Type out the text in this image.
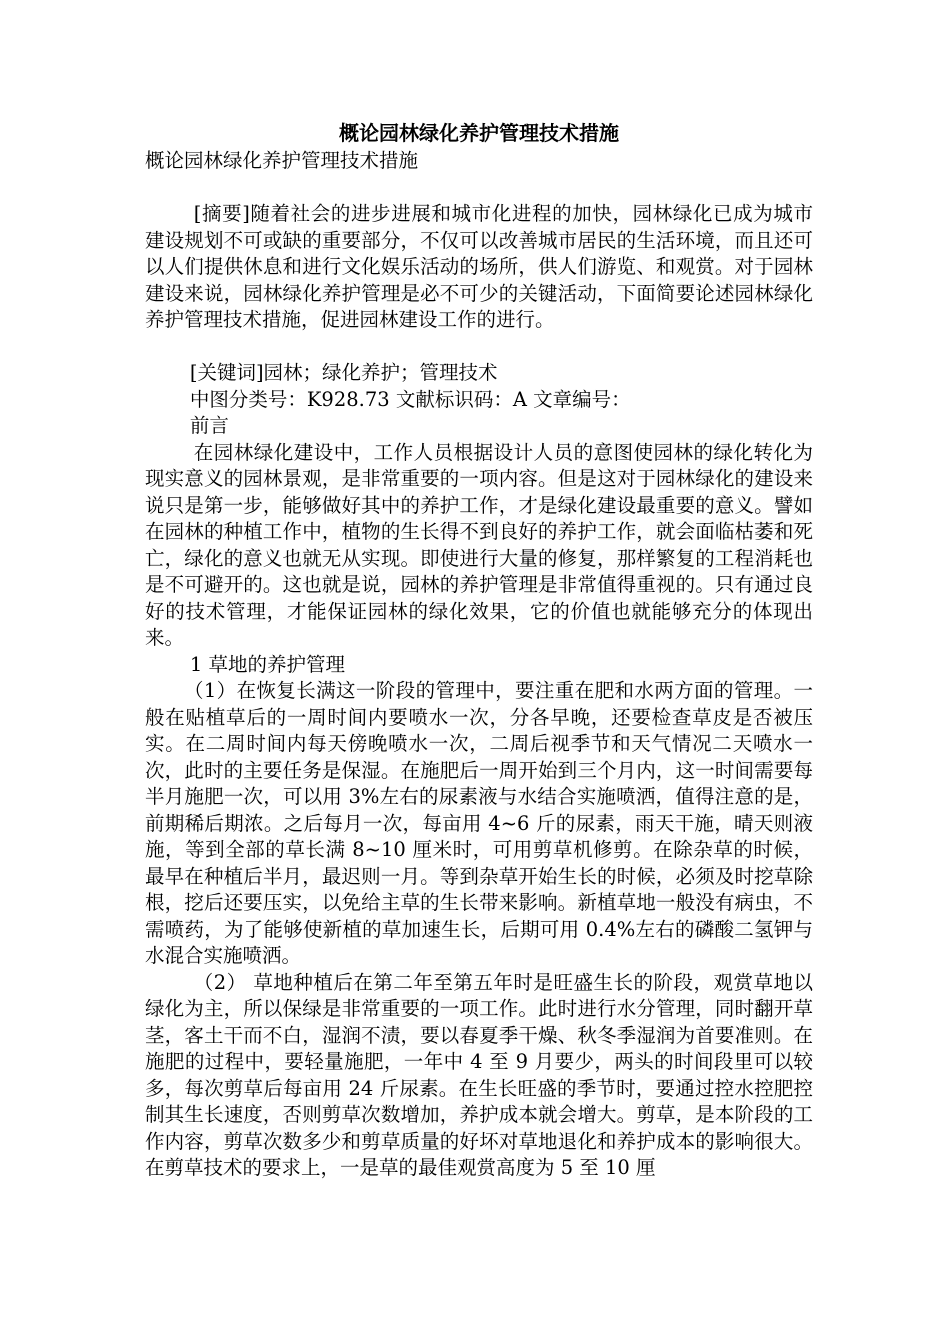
概论园林绿化养护管理技术措施
概论园林绿化养护管理技术措施

[摘要]随着社会的进步进展和城市化进程的加快，园林绿化已成为城市建设规划不可或缺的重要部分，不仅可以改善城市居民的生活环境，而且还可以人们提供休息和进行文化娱乐活动的场所，供人们游览、和观赏。对于园林建设来说，园林绿化养护管理是必不可少的关键活动，下面简要论述园林绿化养护管理技术措施，促进园林建设工作的进行。

[关键词]园林；绿化养护；管理技术
中图分类号：K928.73 文献标识码：A 文章编号：
前言

在园林绿化建设中，工作人员根据设计人员的意图使园林的绿化转化为现实意义的园林景观，是非常重要的一项内容。但是这对于园林绿化的建设来说只是第一步，能够做好其中的养护工作，才是绿化建设最重要的意义。譬如在园林的种植工作中，植物的生长得不到良好的养护工作，就会面临枯萎和死亡，绿化的意义也就无从实现。即使进行大量的修复，那样繁复的工程消耗也是不可避开的。这也就是说，园林的养护管理是非常值得重视的。只有通过良好的技术管理，才能保证园林的绿化效果，它的价值也就能够充分的体现出来。

1 草地的养护管理

（1）在恢复长满这一阶段的管理中，要注重在肥和水两方面的管理。一般在贴植草后的一周时间内要喷水一次，分各早晚，还要检查草皮是否被压实。在二周时间内每天傍晚喷水一次，二周后视季节和天气情况二天喷水一次，此时的主要任务是保湿。在施肥后一周开始到三个月内，这一时间需要每半月施肥一次，可以用 3%左右的尿素液与水结合实施喷洒，值得注意的是，前期稀后期浓。之后每月一次，每亩用 4~6 斤的尿素，雨天干施，晴天则液施，等到全部的草长满 8~10 厘米时，可用剪草机修剪。在除杂草的时候，最早在种植后半月，最迟则一月。等到杂草开始生长的时候，必须及时挖草除根，挖后还要压实，以免给主草的生长带来影响。新植草地一般没有病虫，不需喷药，为了能够使新植的草加速生长，后期可用 0.4%左右的磷酸二氢钾与水混合实施喷洒。

（2） 草地种植后在第二年至第五年时是旺盛生长的阶段，观赏草地以绿化为主，所以保绿是非常重要的一项工作。此时进行水分管理，同时翻开草茎，客土干而不白，湿润不渍，要以春夏季干燥、秋冬季湿润为首要准则。在施肥的过程中，要轻量施肥，一年中 4 至 9 月要少，两头的时间段里可以较多，每次剪草后每亩用 24 斤尿素。在生长旺盛的季节时，要通过控水控肥控制其生长速度，否则剪草次数增加，养护成本就会增大。剪草，是本阶段的工作内容，剪草次数多少和剪草质量的好坏对草地退化和养护成本的影响很大。在剪草技术的要求上，一是草的最佳观赏高度为 5 至 10 厘
